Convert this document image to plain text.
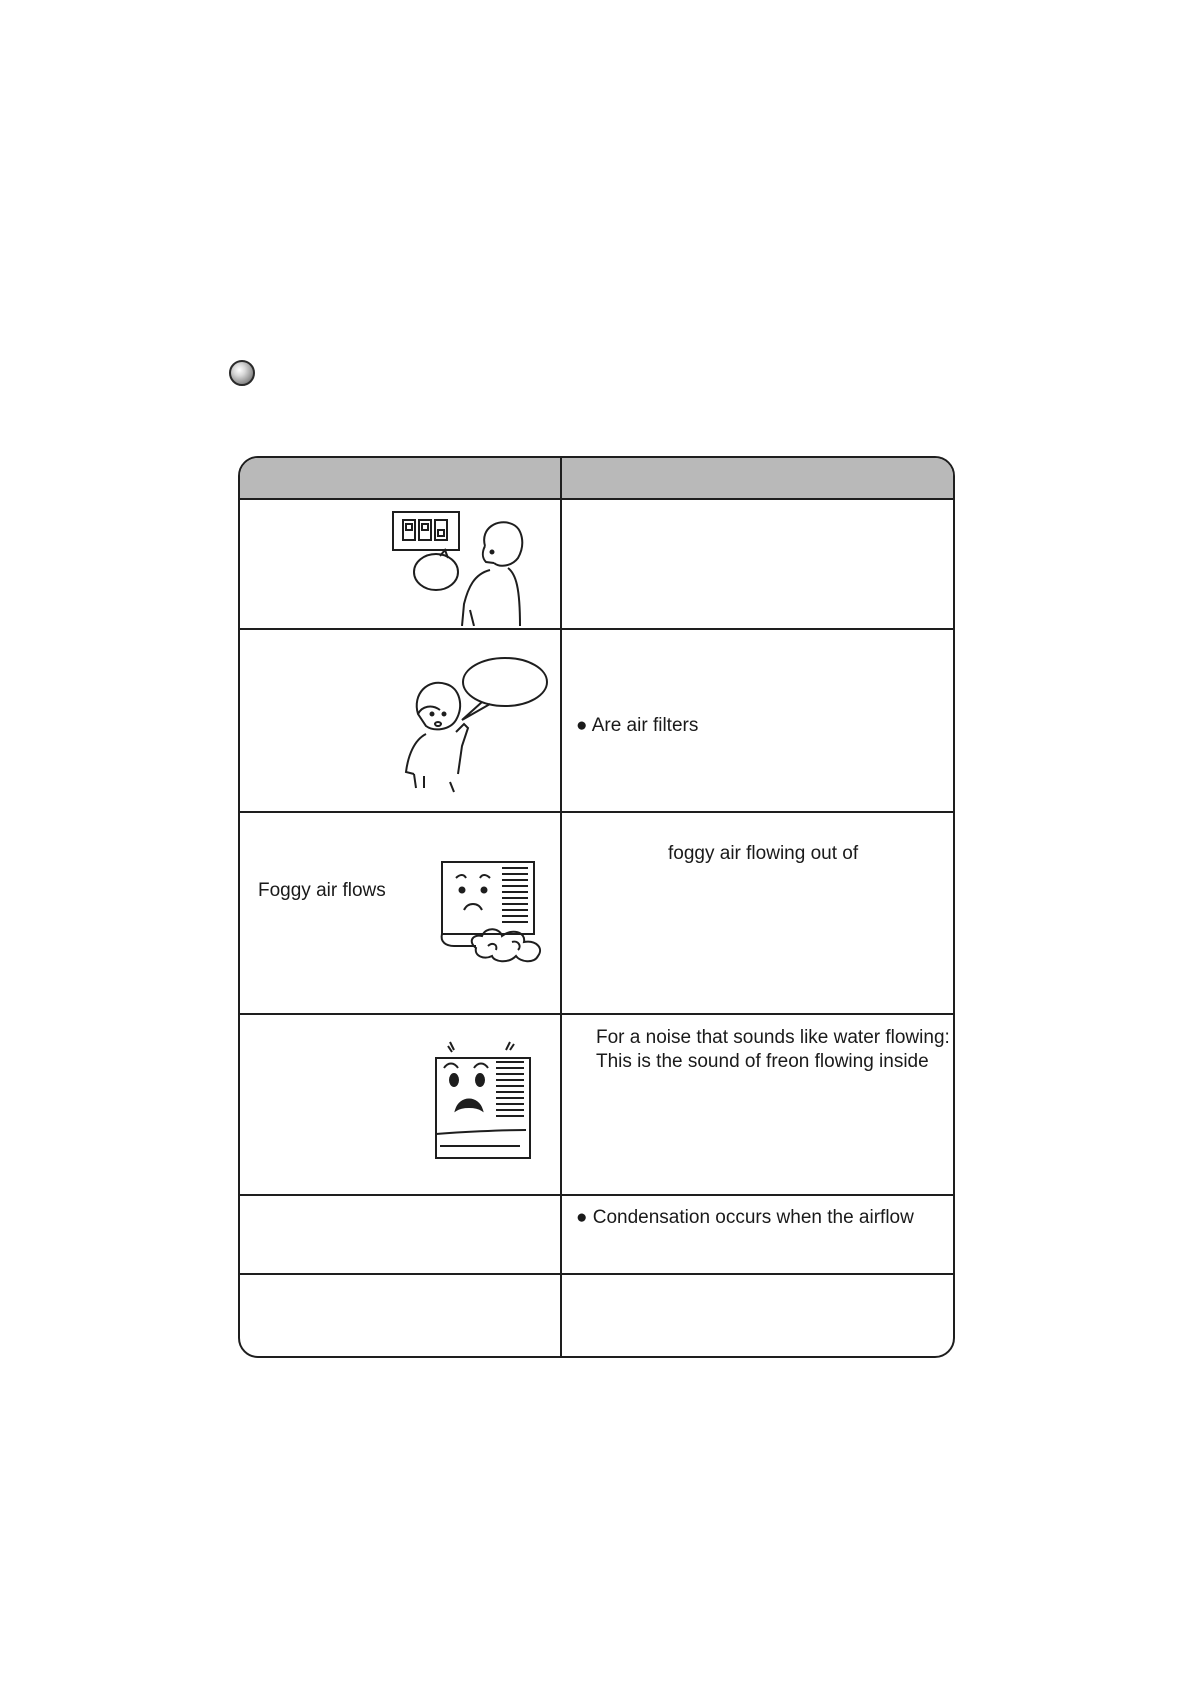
Foggy air flows
● Are air filters
foggy air flowing out of
For a noise that sounds like water flowing:
This is the sound of freon flowing inside
● Condensation occurs when the airflow
